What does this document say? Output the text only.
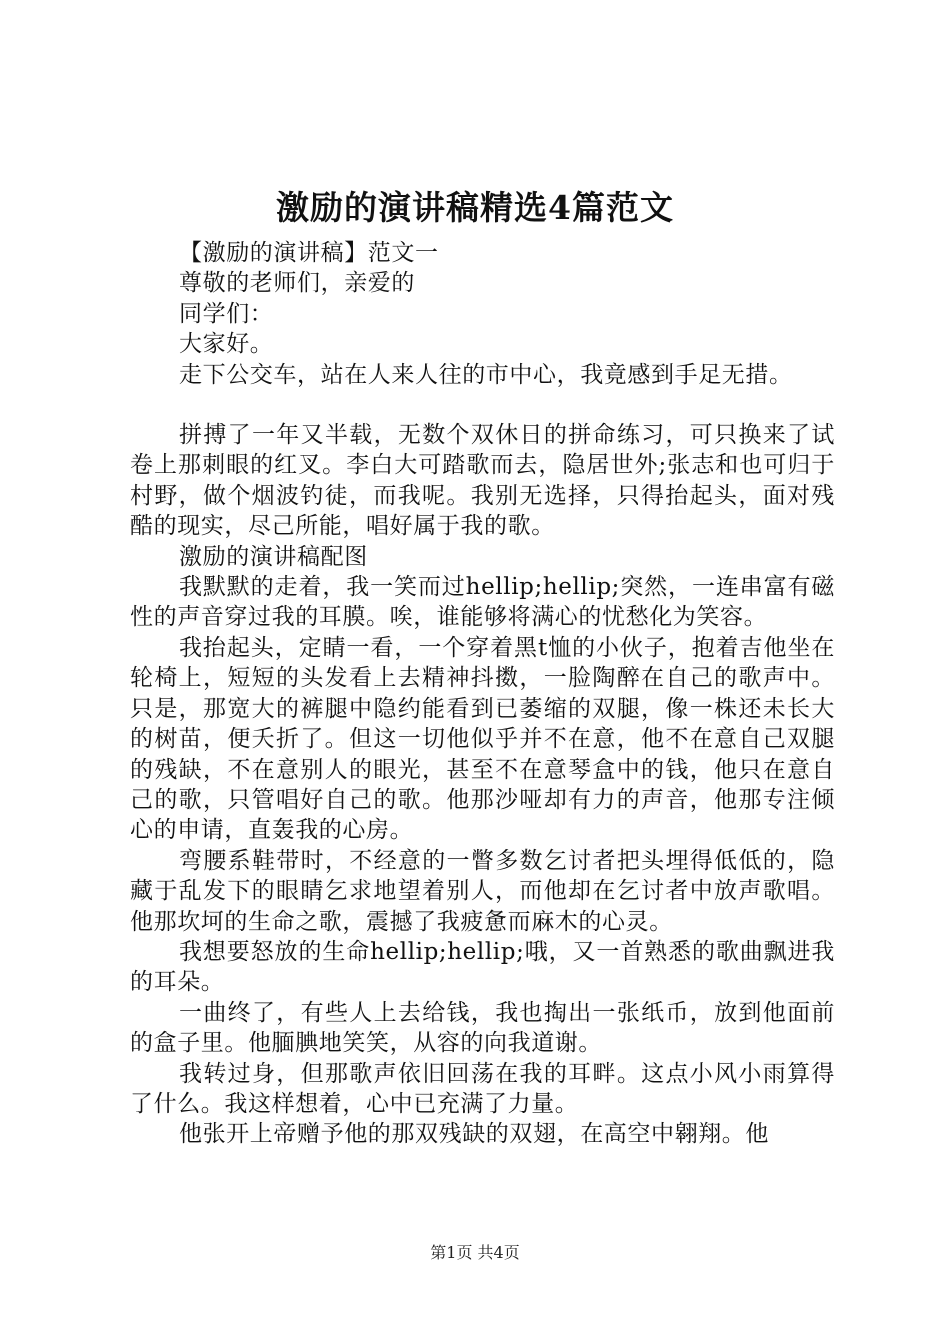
激励的演讲稿精选4篇范文

【激励的演讲稿】范文一

尊敬的老师们，亲爱的

同学们：

大家好。

走下公交车，站在人来人往的市中心，我竟感到手足无措。

拼搏了一年又半载，无数个双休日的拼命练习，可只换来了试卷上那刺眼的红叉。李白大可踏歌而去，隐居世外;张志和也可归于村野，做个烟波钓徒，而我呢。我别无选择，只得抬起头，面对残酷的现实，尽己所能，唱好属于我的歌。

激励的演讲稿配图

我默默的走着，我一笑而过hellip;hellip;突然，一连串富有磁性的声音穿过我的耳膜。唉，谁能够将满心的忧愁化为笑容。

我抬起头，定睛一看，一个穿着黑t恤的小伙子，抱着吉他坐在轮椅上，短短的头发看上去精神抖擞，一脸陶醉在自己的歌声中。只是，那宽大的裤腿中隐约能看到已萎缩的双腿，像一株还未长大的树苗，便夭折了。但这一切他似乎并不在意，他不在意自己双腿的残缺，不在意别人的眼光，甚至不在意琴盒中的钱，他只在意自己的歌，只管唱好自己的歌。他那沙哑却有力的声音，他那专注倾心的申请，直轰我的心房。

弯腰系鞋带时，不经意的一瞥多数乞讨者把头埋得低低的，隐藏于乱发下的眼睛乞求地望着别人，而他却在乞讨者中放声歌唱。他那坎坷的生命之歌，震撼了我疲惫而麻木的心灵。

我想要怒放的生命hellip;hellip;哦，又一首熟悉的歌曲飘进我的耳朵。

一曲终了，有些人上去给钱，我也掏出一张纸币，放到他面前的盒子里。他腼腆地笑笑，从容的向我道谢。

我转过身，但那歌声依旧回荡在我的耳畔。这点小风小雨算得了什么。我这样想着，心中已充满了力量。

他张开上帝赠予他的那双残缺的双翅，在高空中翱翔。他

第1页 共4页
